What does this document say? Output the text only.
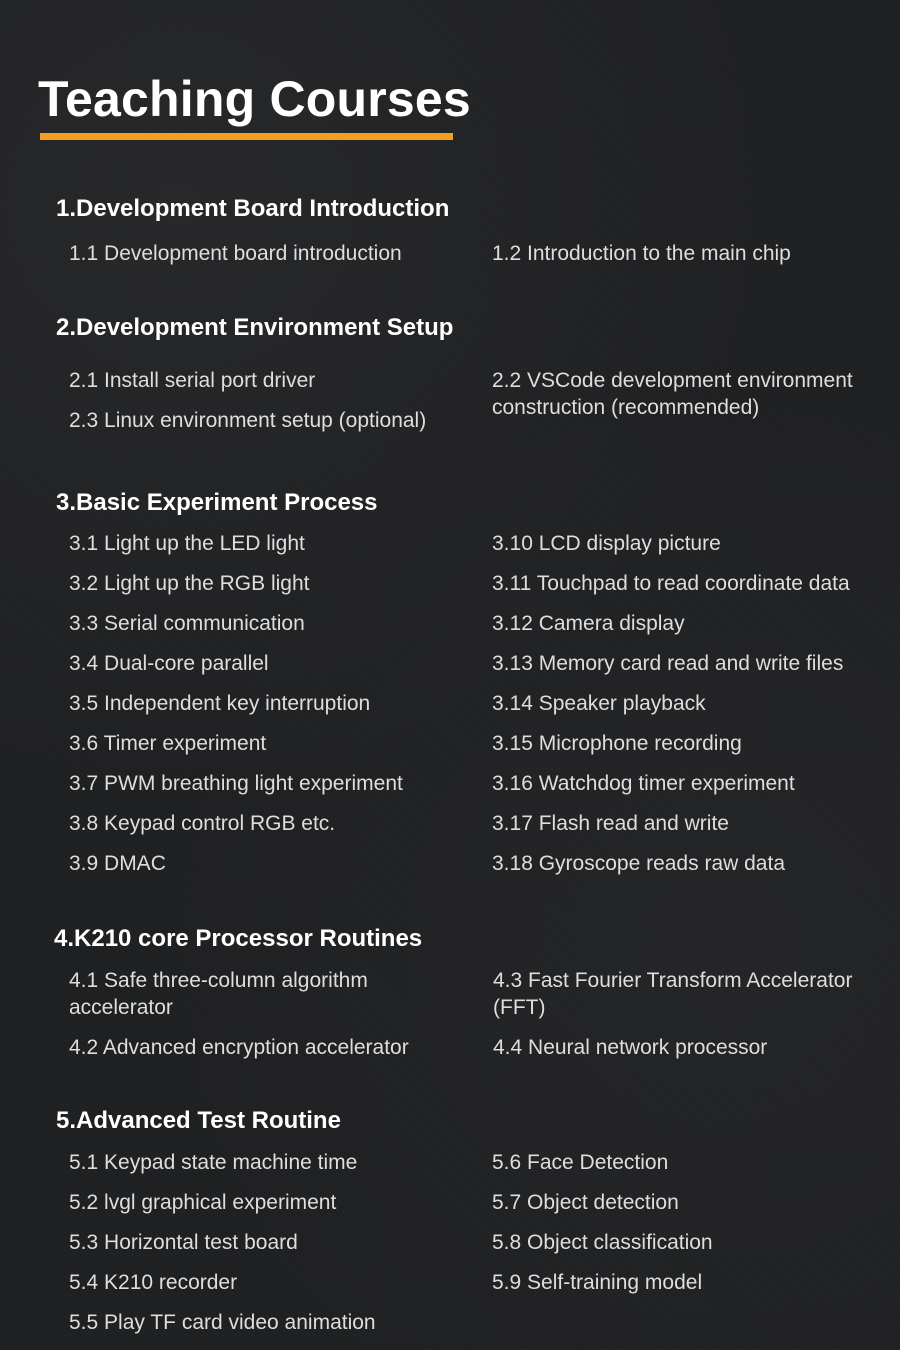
Teaching Courses
1.Development Board Introduction
1.1 Development board introduction	1.2 Introduction to the main chip
2.Development Environment Setup
2.1 Install serial port driver
2.3 Linux environment setup (optional)
2.2 VSCode development environment construction (recommended)
3.Basic Experiment Process
3.1 Light up the LED light
3.2 Light up the RGB light
3.3 Serial communication
3.4 Dual-core parallel
3.5 Independent key interruption
3.6 Timer experiment
3.7 PWM breathing light experiment
3.8 Keypad control RGB etc.
3.9 DMAC
3.10 LCD display picture
3.11 Touchpad to read coordinate data
3.12 Camera display
3.13 Memory card read and write files
3.14 Speaker playback
3.15 Microphone recording
3.16 Watchdog timer experiment
3.17 Flash read and write
3.18 Gyroscope reads raw data
4.K210 core Processor Routines
4.1 Safe three-column algorithm accelerator
4.2 Advanced encryption accelerator
4.3 Fast Fourier Transform Accelerator (FFT)
4.4 Neural network processor
5.Advanced Test Routine
5.1 Keypad state machine time
5.2 lvgl graphical experiment
5.3 Horizontal test board
5.4 K210 recorder
5.5 Play TF card video animation
5.6 Face Detection
5.7 Object detection
5.8 Object classification
5.9 Self-training model
